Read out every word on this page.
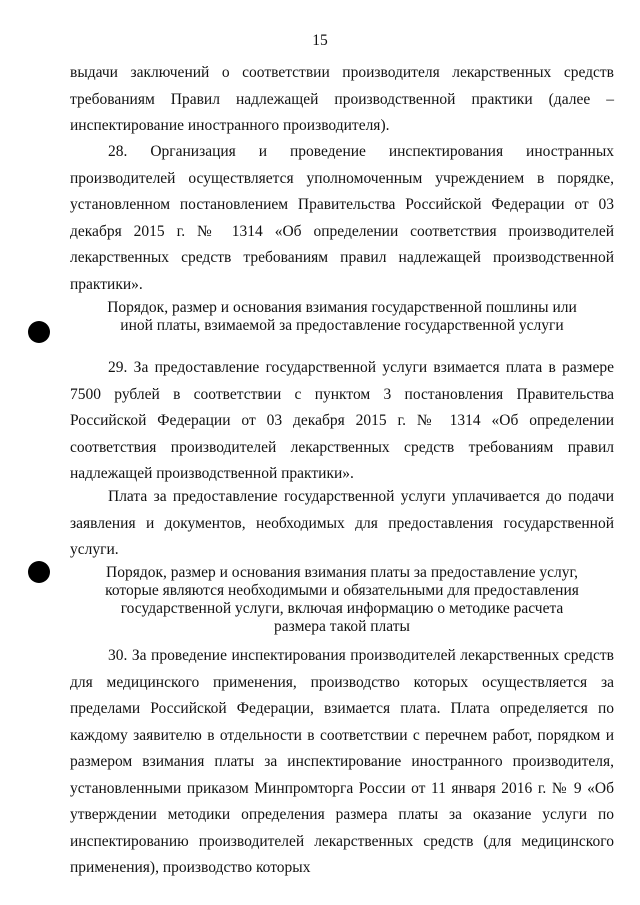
15

выдачи заключений о соответствии производителя лекарственных средств требованиям Правил надлежащей производственной практики (далее – инспектирование иностранного производителя).

28. Организация и проведение инспектирования иностранных производителей осуществляется уполномоченным учреждением в порядке, установленном постановлением Правительства Российской Федерации от 03 декабря 2015 г. № 1314 «Об определении соответствия производителей лекарственных средств требованиям правил надлежащей производственной практики».

Порядок, размер и основания взимания государственной пошлины или
иной платы, взимаемой за предоставление государственной услуги

29. За предоставление государственной услуги взимается плата в размере 7500 рублей в соответствии с пунктом 3 постановления Правительства Российской Федерации от 03 декабря 2015 г. № 1314 «Об определении соответствия производителей лекарственных средств требованиям правил надлежащей производственной практики».

Плата за предоставление государственной услуги уплачивается до подачи заявления и документов, необходимых для предоставления государственной услуги.

Порядок, размер и основания взимания платы за предоставление услуг,
которые являются необходимыми и обязательными для предоставления
государственной услуги, включая информацию о методике расчета
размера такой платы

30. За проведение инспектирования производителей лекарственных средств для медицинского применения, производство которых осуществляется за пределами Российской Федерации, взимается плата. Плата определяется по каждому заявителю в отдельности в соответствии с перечнем работ, порядком и размером взимания платы за инспектирование иностранного производителя, установленными приказом Минпромторга России от 11 января 2016 г. № 9 «Об утверждении методики определения размера платы за оказание услуги по инспектированию производителей лекарственных средств (для медицинского применения), производство которых
